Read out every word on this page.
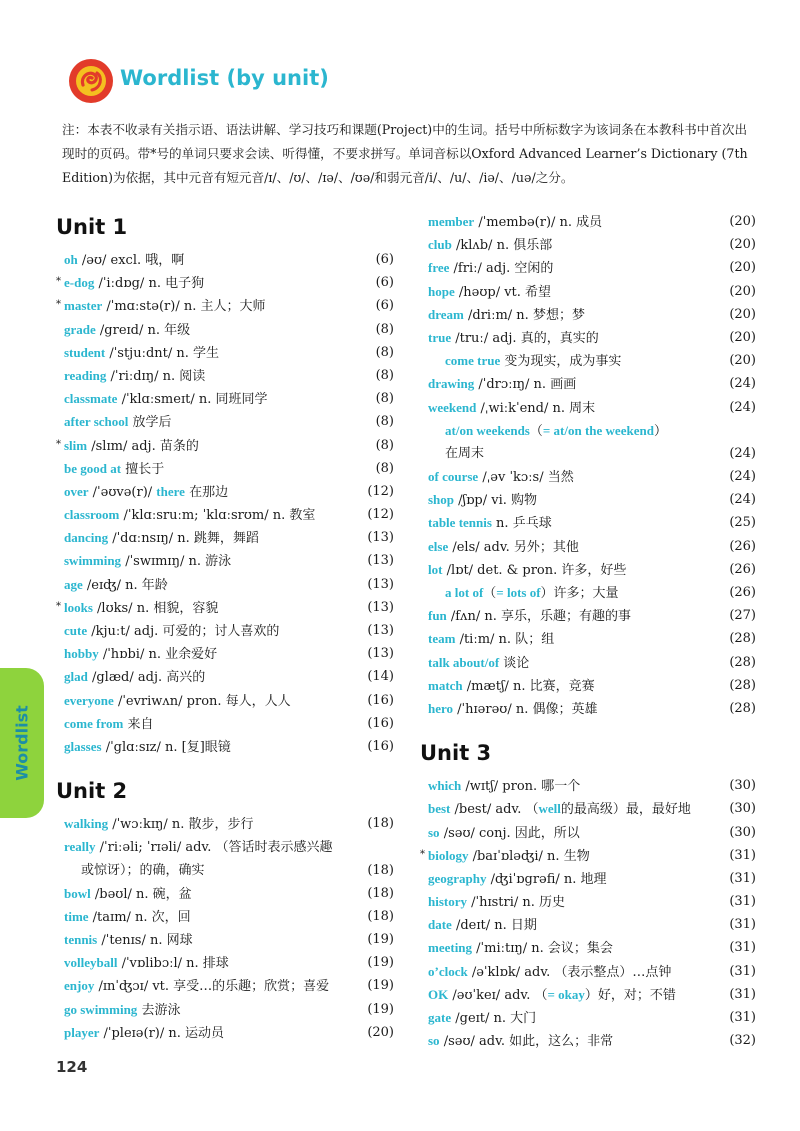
Wordlist (by unit)
注：本表不收录有关指示语、语法讲解、学习技巧和课题(Project)中的生词。括号中所标数字为该词条在本教科书中首次出现时的页码。带*号的单词只要求会读、听得懂，不要求拼写。单词音标以Oxford Advanced Learner’s Dictionary (7th Edition)为依据，其中元音有短元音/ɪ/、/ʊ/、/ɪə/、/ʊə/和弱元音/i/、/u/、/iə/、/uə/之分。
Unit 1
oh /əʊ/ excl. 哦，啊	(6)
* e-dog /ˈiːdɒg/ n. 电子狗	(6)
* master /ˈmɑːstə(r)/ n. 主人；大师	(6)
grade /greɪd/ n. 年级	(8)
student /ˈstjuːdnt/ n. 学生	(8)
reading /ˈriːdɪŋ/ n. 阅读	(8)
classmate /ˈklɑːsmeɪt/ n. 同班同学	(8)
after school 放学后	(8)
* slim /slɪm/ adj. 苗条的	(8)
be good at 擅长于	(8)
over /ˈəʊvə(r)/ there 在那边	(12)
classroom /ˈklɑːsruːm; ˈklɑːsrʊm/ n. 教室	(12)
dancing /ˈdɑːnsɪŋ/ n. 跳舞，舞蹈	(13)
swimming /ˈswɪmɪŋ/ n. 游泳	(13)
age /eɪʤ/ n. 年龄	(13)
* looks /lʊks/ n. 相貌，容貌	(13)
cute /kjuːt/ adj. 可爱的；讨人喜欢的	(13)
hobby /ˈhɒbi/ n. 业余爱好	(13)
glad /glæd/ adj. 高兴的	(14)
everyone /ˈevriwʌn/ pron. 每人，人人	(16)
come from 来自	(16)
glasses /ˈglɑːsɪz/ n. [复]眼镜	(16)
Unit 2
walking /ˈwɔːkɪŋ/ n. 散步，步行	(18)
really /ˈriːəli; ˈrɪəli/ adv. （答话时表示感兴趣
或惊讶）；的确，确实	(18)
bowl /bəʊl/ n. 碗，盆	(18)
time /taɪm/ n. 次，回	(18)
tennis /ˈtenɪs/ n. 网球	(19)
volleyball /ˈvɒlibɔːl/ n. 排球	(19)
enjoy /ɪnˈʤɔɪ/ vt. 享受…的乐趣；欣赏；喜爱	(19)
go swimming 去游泳	(19)
player /ˈpleɪə(r)/ n. 运动员	(20)
member /ˈmembə(r)/ n. 成员	(20)
club /klʌb/ n. 俱乐部	(20)
free /friː/ adj. 空闲的	(20)
hope /həʊp/ vt. 希望	(20)
dream /driːm/ n. 梦想；梦	(20)
true /truː/ adj. 真的，真实的	(20)
come true 变为现实，成为事实	(20)
drawing /ˈdrɔːɪŋ/ n. 画画	(24)
weekend /ˌwiːkˈend/ n. 周末	(24)
at/on weekends（= at/on the weekend）
在周末	(24)
of course /ˌəv ˈkɔːs/ 当然	(24)
shop /ʃɒp/ vi. 购物	(24)
table tennis n. 乒乓球	(25)
else /els/ adv. 另外；其他	(26)
lot /lɒt/ det. & pron. 许多，好些	(26)
a lot of（= lots of）许多；大量	(26)
fun /fʌn/ n. 享乐，乐趣；有趣的事	(27)
team /tiːm/ n. 队；组	(28)
talk about/of 谈论	(28)
match /mætʃ/ n. 比赛，竞赛	(28)
hero /ˈhɪərəʊ/ n. 偶像；英雄	(28)
Unit 3
which /wɪtʃ/ pron. 哪一个	(30)
best /best/ adv. （well的最高级）最，最好地	(30)
so /səʊ/ conj. 因此，所以	(30)
* biology /baɪˈɒləʤi/ n. 生物	(31)
geography /ʤiˈɒgrəfi/ n. 地理	(31)
history /ˈhɪstri/ n. 历史	(31)
date /deɪt/ n. 日期	(31)
meeting /ˈmiːtɪŋ/ n. 会议；集会	(31)
o’clock /əˈklɒk/ adv. （表示整点）…点钟	(31)
OK /əʊˈkeɪ/ adv. （= okay）好，对；不错	(31)
gate /geɪt/ n. 大门	(31)
so /səʊ/ adv. 如此，这么；非常	(32)
Wordlist
124
